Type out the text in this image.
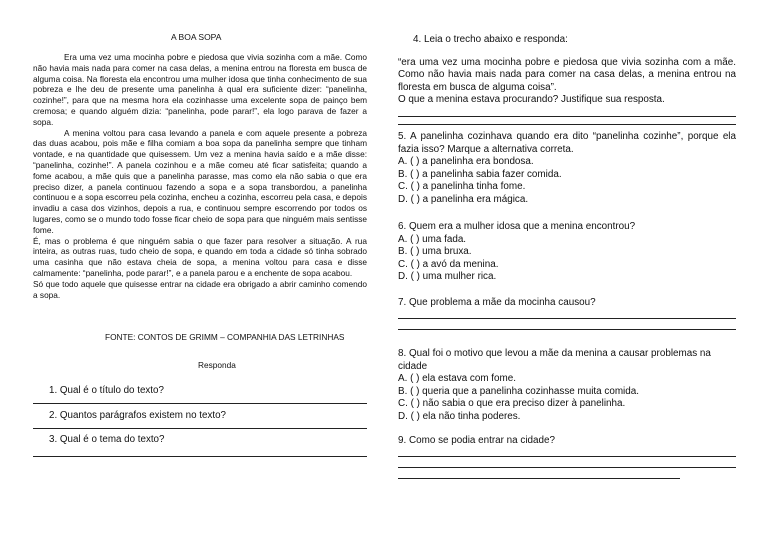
A BOA SOPA

Era uma vez uma mocinha pobre e piedosa que vivia sozinha com a mãe. Como não havia mais nada para comer na casa delas, a menina entrou na floresta em busca de alguma coisa. Na floresta ela encontrou uma mulher idosa que tinha conhecimento de sua pobreza e lhe deu de presente uma panelinha à qual era suficiente dizer: “panelinha, cozinhe!”, para que na mesma hora ela cozinhasse uma excelente sopa de painço bem cremosa; e quando alguém dizia: “panelinha, pode parar!”, ela logo parava de fazer a sopa.

A menina voltou para casa levando a panela e com aquele presente a pobreza das duas acabou, pois mãe e filha comiam a boa sopa da panelinha sempre que tinham vontade, e na quantidade que quisessem. Um vez a menina havia saído e a mãe disse: “panelinha, cozinhe!”. A panela cozinhou e a mãe comeu até ficar satisfeita; quando a fome acabou, a mãe quis que a panelinha parasse, mas como ela não sabia o que era preciso dizer, a panela continuou fazendo a sopa e a sopa transbordou, a panelinha continuou e a sopa escorreu pela cozinha, encheu a cozinha, escorreu pela casa, e depois invadiu a casa dos vizinhos, depois a rua, e continuou sempre escorrendo por todos os lugares, como se o mundo todo fosse ficar cheio de sopa para que ninguém mais sentisse fome.

É, mas o problema é que ninguém sabia o que fazer para resolver a situação. A rua inteira, as outras ruas, tudo cheio de sopa, e quando em toda a cidade só tinha sobrado uma casinha que não estava cheia de sopa, a menina voltou para casa e disse calmamente: “panelinha, pode parar!”, e a panela parou e a enchente de sopa acabou.

Só que todo aquele que quisesse entrar na cidade era obrigado a abrir caminho comendo a sopa.

FONTE: CONTOS DE GRIMM – COMPANHIA DAS LETRINHAS
Responda
1. Qual é o título do texto?
2. Quantos parágrafos existem no texto?
3. Qual é o tema do texto?

4. Leia o trecho abaixo e responda:

“era uma vez uma mocinha pobre e piedosa que vivia sozinha com a mãe. Como não havia mais nada para comer na casa delas, a menina entrou na floresta em busca de alguma coisa”.

O que a menina estava procurando? Justifique sua resposta.

5. A panelinha cozinhava quando era dito “panelinha cozinhe”, porque ela fazia isso? Marque a alternativa correta.

A. ( ) a panelinha era bondosa.

B. ( ) a panelinha sabia fazer comida.

C. ( ) a panelinha tinha fome.

D. ( ) a panelinha era mágica.

6. Quem era a mulher idosa que a menina encontrou?

A. ( ) uma fada.

B. ( ) uma bruxa.

C. ( ) a avó da menina.

D. ( ) uma mulher rica.

7. Que problema a mãe da mocinha causou?

8. Qual foi o motivo que levou a mãe da menina a causar problemas na cidade

A. ( ) ela estava com fome.

B. ( ) queria que a panelinha cozinhasse muita comida.

C. ( ) não sabia o que era preciso dizer à panelinha.

D. ( ) ela não tinha poderes.

9. Como se podia entrar na cidade?
